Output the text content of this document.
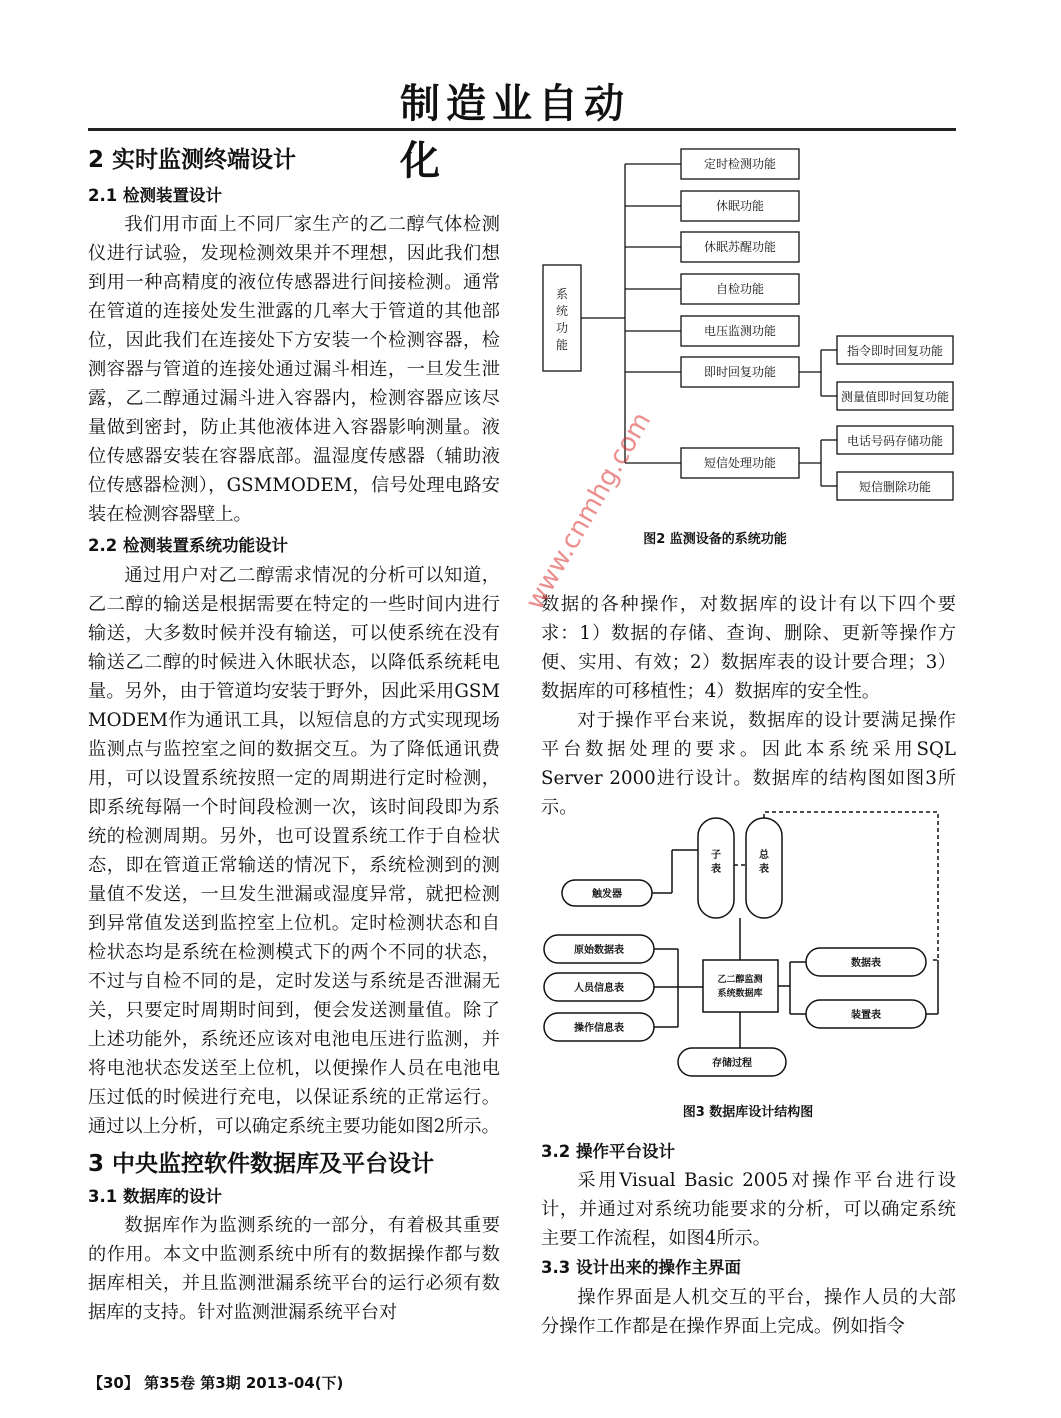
制造业自动化
2 实时监测终端设计
2.1 检测装置设计

我们用市面上不同厂家生产的乙二醇气体检测仪进行试验，发现检测效果并不理想，因此我们想到用一种高精度的液位传感器进行间接检测。通常在管道的连接处发生泄露的几率大于管道的其他部位，因此我们在连接处下方安装一个检测容器，检测容器与管道的连接处通过漏斗相连，一旦发生泄露，乙二醇通过漏斗进入容器内，检测容器应该尽量做到密封，防止其他液体进入容器影响测量。液位传感器安装在容器底部。温湿度传感器（辅助液位传感器检测），GSMMODEM，信号处理电路安装在检测容器壁上。

2.2 检测装置系统功能设计

通过用户对乙二醇需求情况的分析可以知道，乙二醇的输送是根据需要在特定的一些时间内进行输送，大多数时候并没有输送，可以使系统在没有输送乙二醇的时候进入休眠状态，以降低系统耗电量。另外，由于管道均安装于野外，因此采用GSM MODEM作为通讯工具，以短信息的方式实现现场监测点与监控室之间的数据交互。为了降低通讯费用，可以设置系统按照一定的周期进行定时检测，即系统每隔一个时间段检测一次，该时间段即为系统的检测周期。另外，也可设置系统工作于自检状态，即在管道正常输送的情况下，系统检测到的测量值不发送，一旦发生泄漏或湿度异常，就把检测到异常值发送到监控室上位机。定时检测状态和自检状态均是系统在检测模式下的两个不同的状态，不过与自检不同的是，定时发送与系统是否泄漏无关，只要定时周期时间到，便会发送测量值。除了上述功能外，系统还应该对电池电压进行监测，并将电池状态发送至上位机，以便操作人员在电池电压过低的时候进行充电，以保证系统的正常运行。通过以上分析，可以确定系统主要功能如图2所示。

3 中央监控软件数据库及平台设计
3.1 数据库的设计

数据库作为监测系统的一部分，有着极其重要的作用。本文中监测系统中所有的数据操作都与数据库相关，并且监测泄漏系统平台的运行必须有数据库的支持。针对监测泄漏系统平台对

定时检测功能
休眠功能
休眠苏醒功能
自检功能
电压监测功能
即时回复功能
短信处理功能
系
统
功
能	指令即时回复功能
测量值即时回复功能
电话号码存储功能
短信删除功能
图2 监测设备的系统功能
数据的各种操作，对数据库的设计有以下四个要求：1）数据的存储、查询、删除、更新等操作方便、实用、有效；2）数据库表的设计要合理；3）数据库的可移植性；4）数据库的安全性。

对于操作平台来说，数据库的设计要满足操作平台数据处理的要求。因此本系统采用SQL Server 2000进行设计。数据库的结构图如图3所示。

子
表
总
表
触发器
原始数据表
人员信息表
操作信息表
乙二醇监测
系统数据库
数据表
装置表
存储过程
图3 数据库设计结构图
3.2 操作平台设计

采用Visual Basic 2005对操作平台进行设计，并通过对系统功能要求的分析，可以确定系统主要工作流程，如图4所示。

3.3 设计出来的操作主界面

操作界面是人机交互的平台，操作人员的大部分操作工作都是在操作界面上完成。例如指令

【30】 第35卷 第3期 2013-04(下)
www.cnmhg.com
